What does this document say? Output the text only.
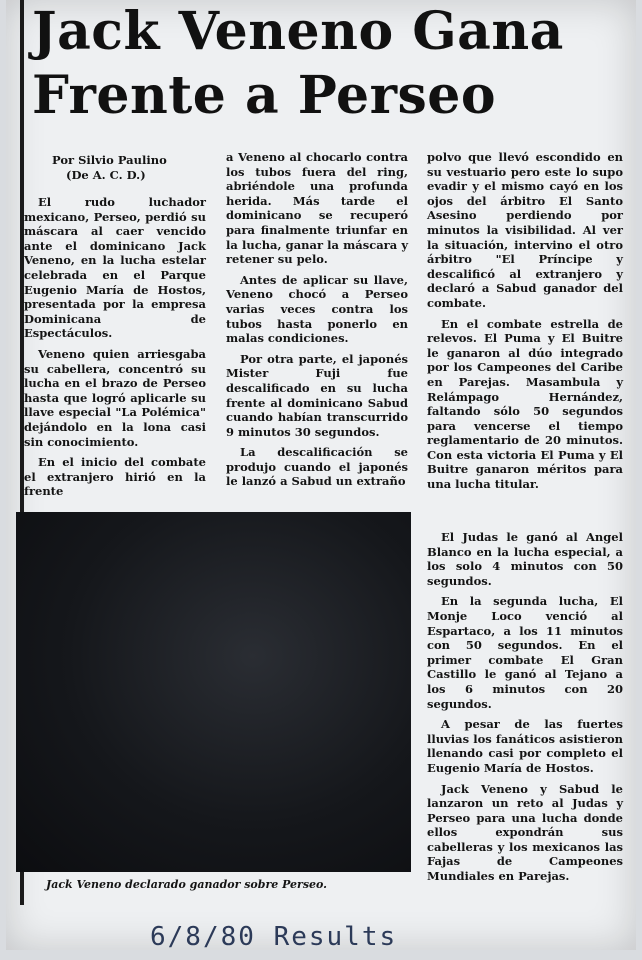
Jack Veneno Gana
Frente a Perseo
Por Silvio Paulino
(De A. C. D.)

El rudo luchador mexicano, Perseo, perdió su máscara al caer vencido ante el dominicano Jack Veneno, en la lucha estelar celebrada en el Parque Eugenio María de Hostos, presentada por la empresa Dominicana de Espectáculos.

Veneno quien arriesgaba su cabellera, concentró su lucha en el brazo de Perseo hasta que logró aplicarle su llave especial "La Polémica" dejándolo en la lona casi sin conocimiento.

En el inicio del combate el extranjero hirió en la frente

a Veneno al chocarlo contra los tubos fuera del ring, abriéndole una profunda herida. Más tarde el dominicano se recuperó para finalmente triunfar en la lucha, ganar la máscara y retener su pelo.

Antes de aplicar su llave, Veneno chocó a Perseo varias veces contra los tubos hasta ponerlo en malas condiciones.

Por otra parte, el japonés Mister Fuji fue descalificado en su lucha frente al dominicano Sabud cuando habían transcurrido 9 minutos 30 segundos.

La descalificación se produjo cuando el japonés le lanzó a Sabud un extraño

polvo que llevó escondido en su vestuario pero este lo supo evadir y el mismo cayó en los ojos del árbitro El Santo Asesino perdiendo por minutos la visibilidad. Al ver la situación, intervino el otro árbitro "El Príncipe y descalificó al extranjero y declaró a Sabud ganador del combate.

En el combate estrella de relevos. El Puma y El Buitre le ganaron al dúo integrado por los Campeones del Caribe en Parejas. Masambula y Relámpago Hernández, faltando sólo 50 segundos para vencerse el tiempo reglamentario de 20 minutos. Con esta victoria El Puma y El Buitre ganaron méritos para una lucha titular.

El Judas le ganó al Angel Blanco en la lucha especial, a los solo 4 minutos con 50 segundos.

En la segunda lucha, El Monje Loco venció al Espartaco, a los 11 minutos con 50 segundos. En el primer combate El Gran Castillo le ganó al Tejano a los 6 minutos con 20 segundos.

A pesar de las fuertes lluvias los fanáticos asistieron llenando casi por completo el Eugenio María de Hostos.

Jack Veneno y Sabud le lanzaron un reto al Judas y Perseo para una lucha donde ellos expondrán sus cabelleras y los mexicanos las Fajas de Campeones Mundiales en Parejas.

Jack Veneno declarado ganador sobre Perseo.
6/8/80 Results
